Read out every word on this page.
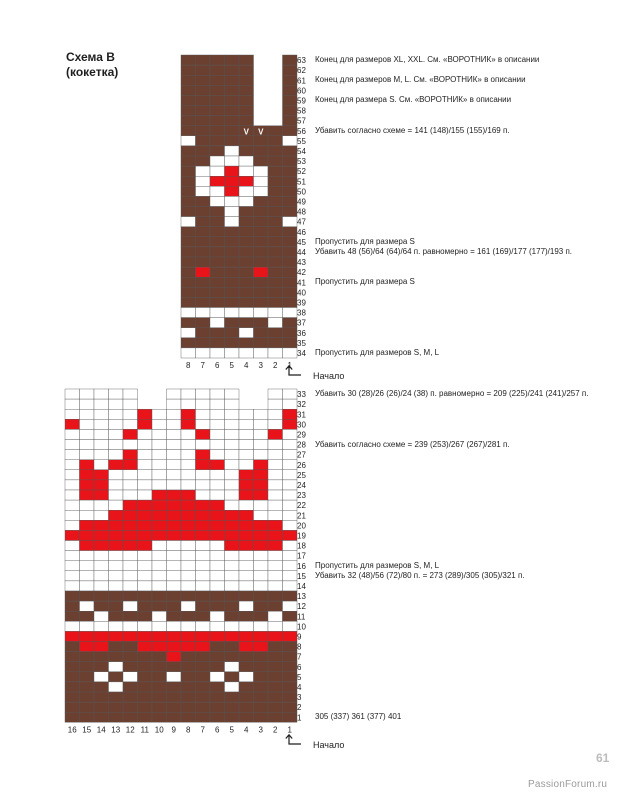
Схема В
(кокетка)
V V
63
62
61
60
59
58
57
56
55
54
53
52
51
50
49
48
47
46
45
44
43
42
41
40
39
38
37
36
35
34
8 7 6 5 4 3 2 1
Конец для размеров XL, XXL. См. «ВОРОТНИК» в описании
Конец для размеров M, L. См. «ВОРОТНИК» в описании
Конец для размера S. См. «ВОРОТНИК» в описании
Убавить согласно схеме = 141 (148)/155 (155)/169 п.
Пропустить для размера S
Убавить 48 (56)/64 (64)/64 п. равномерно = 161 (169)/177 (177)/193 п.
Пропустить для размера S
Пропустить для размеров S, M, L
Начало
V V	V V
33
32
31
30
29
28
27
26
25
24
23
22
21
20
19
18
17
16
15
14
13
12
11
10
9
8
7
6
5
4
3
2
1
16 15 14 13 12 11 10 9 8 7 6 5 4 3 2 1
Убавить 30 (28)/26 (26)/24 (38) п. равномерно = 209 (225)/241 (241)/257 п.
Убавить согласно схеме = 239 (253)/267 (267)/281 п.
Пропустить для размеров S, M, L
Убавить 32 (48)/56 (72)/80 п. = 273 (289)/305 (305)/321 п.
305 (337) 361 (377) 401
Начало
61
PassionForum.ru
